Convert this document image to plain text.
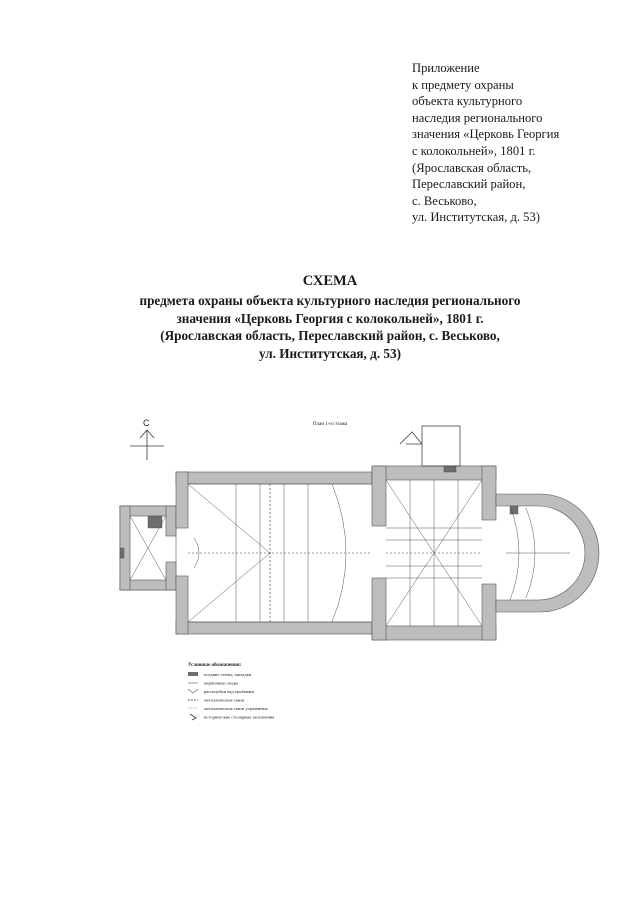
Приложение
к предмету охраны
объекта культурного
наследия регионального
значения «Церковь Георгия
с колокольней», 1801 г.
(Ярославская область,
Переславский район,
с. Веськово,
ул. Институтская, д. 53)
СХЕМА
предмета охраны объекта культурного наследия регионального
значения «Церковь Георгия с колокольней», 1801 г.
(Ярославская область, Переславский район, с. Веськово,
ул. Институтская, д. 53)
С	План 1-го этажа
Условные обозначения:
поздние стены, закладки
кирпичные своды
распалубки над проёмами
металлические связи
металлические связи утраченные
исторические столярные заполнения
